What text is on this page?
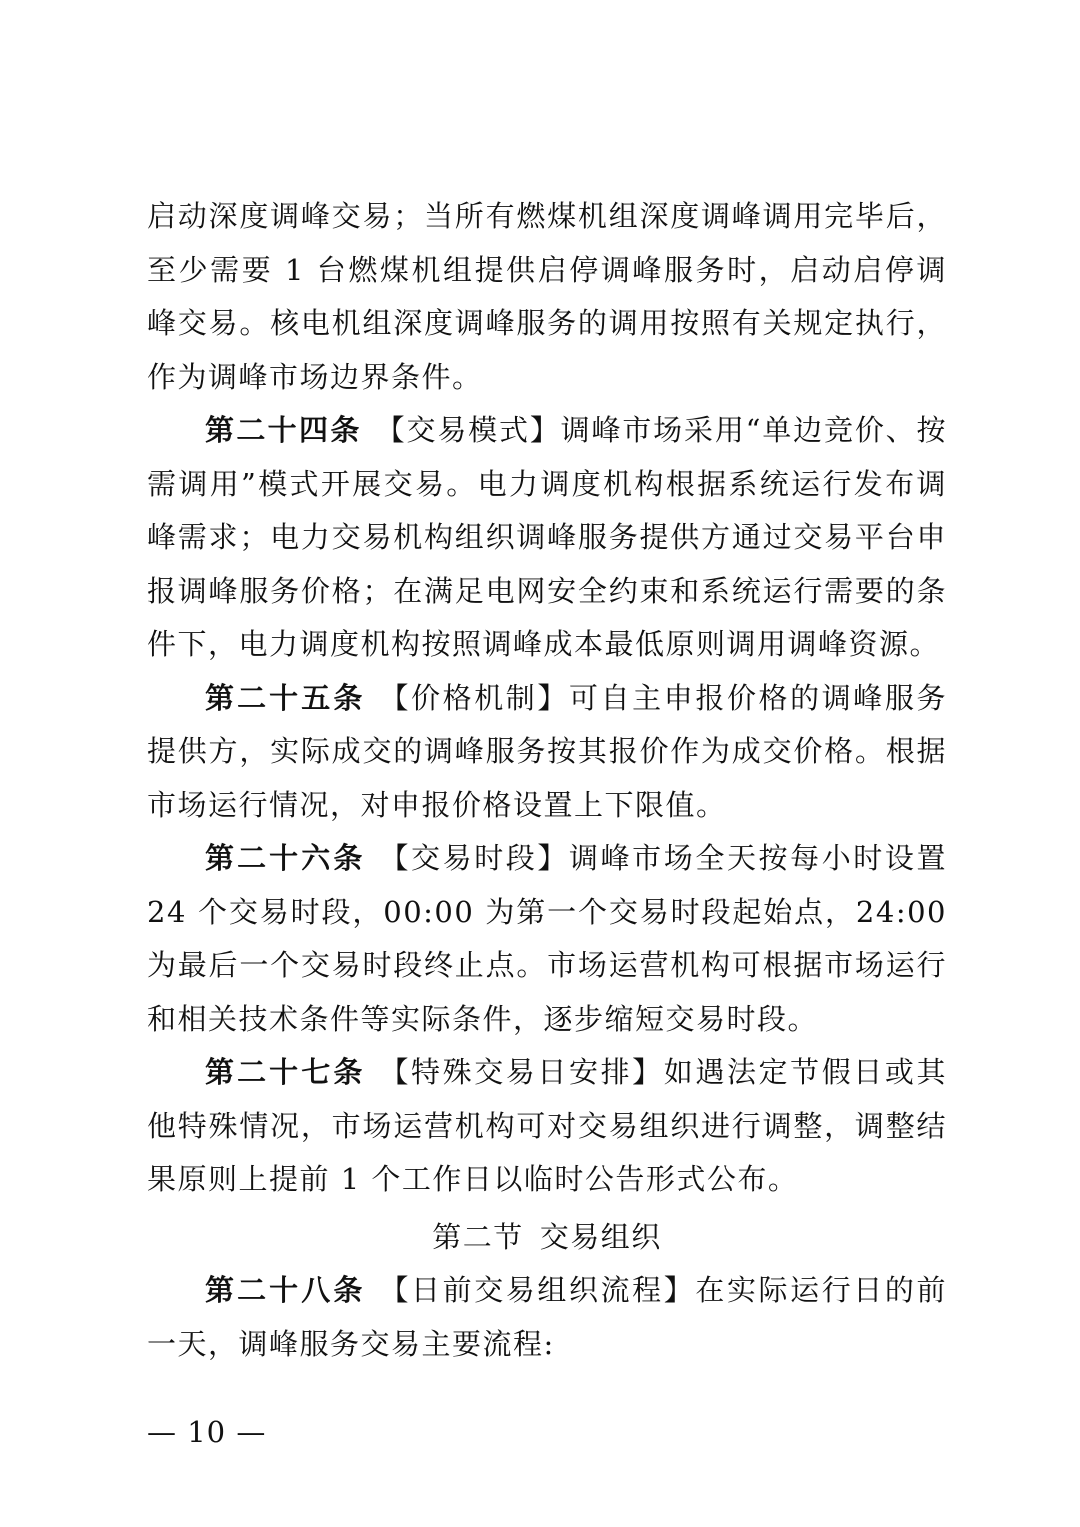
启动深度调峰交易；当所有燃煤机组深度调峰调用完毕后，至少需要 1 台燃煤机组提供启停调峰服务时，启动启停调峰交易。核电机组深度调峰服务的调用按照有关规定执行，作为调峰市场边界条件。

第二十四条 【交易模式】调峰市场采用“单边竞价、按需调用”模式开展交易。电力调度机构根据系统运行发布调峰需求；电力交易机构组织调峰服务提供方通过交易平台申报调峰服务价格；在满足电网安全约束和系统运行需要的条件下，电力调度机构按照调峰成本最低原则调用调峰资源。

第二十五条 【价格机制】可自主申报价格的调峰服务提供方，实际成交的调峰服务按其报价作为成交价格。根据市场运行情况，对申报价格设置上下限值。

第二十六条 【交易时段】调峰市场全天按每小时设置 24 个交易时段，00:00 为第一个交易时段起始点，24:00 为最后一个交易时段终止点。市场运营机构可根据市场运行和相关技术条件等实际条件，逐步缩短交易时段。

第二十七条 【特殊交易日安排】如遇法定节假日或其他特殊情况，市场运营机构可对交易组织进行调整，调整结果原则上提前 1 个工作日以临时公告形式公布。

第二节 交易组织

第二十八条 【日前交易组织流程】在实际运行日的前一天，调峰服务交易主要流程:

— 10 —
